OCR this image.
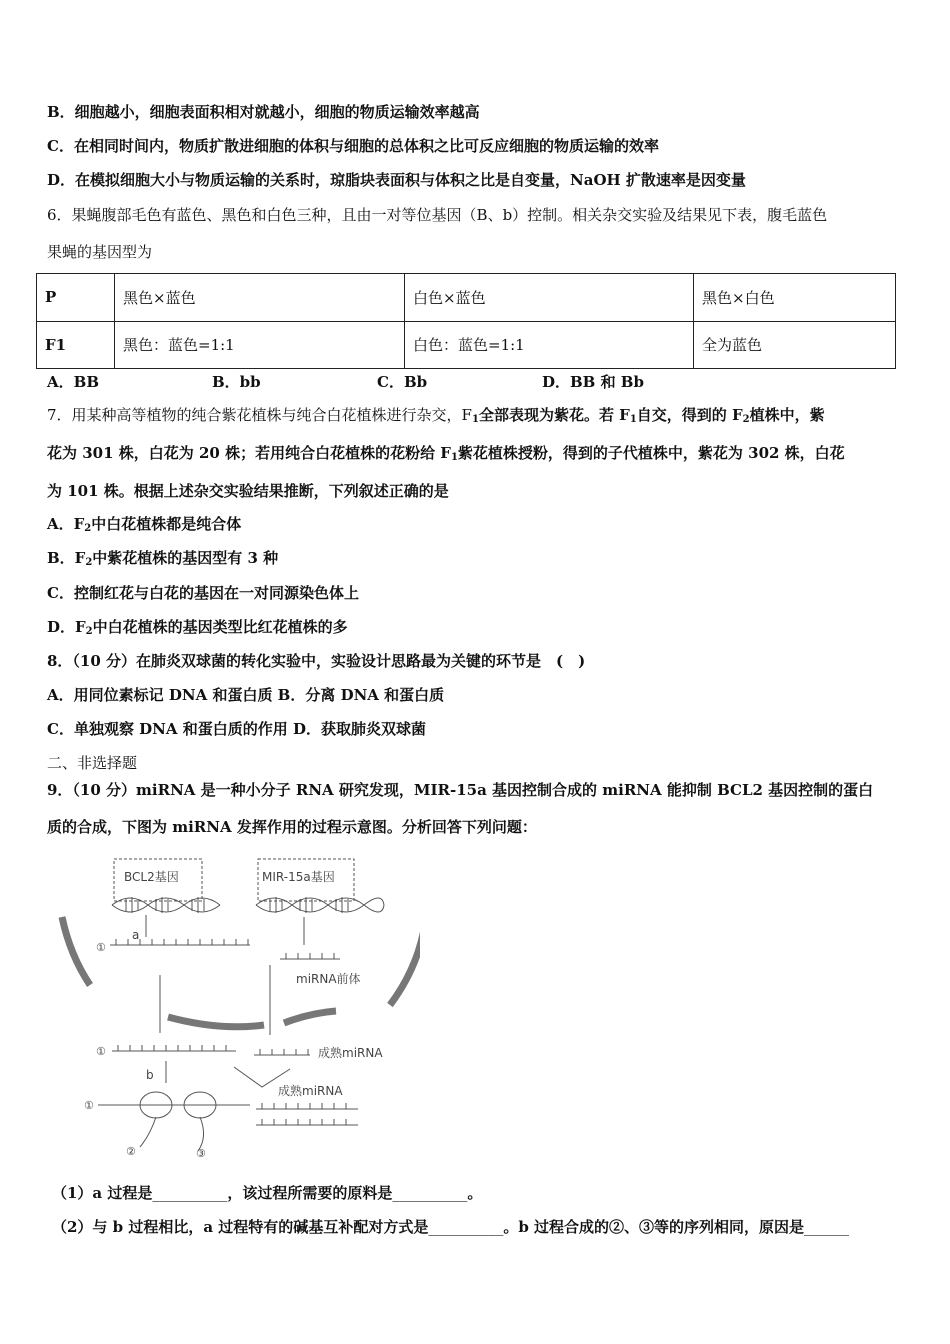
B．细胞越小，细胞表面积相对就越小，细胞的物质运输效率越高
C．在相同时间内，物质扩散进细胞的体积与细胞的总体积之比可反应细胞的物质运输的效率
D．在模拟细胞大小与物质运输的关系时，琼脂块表面积与体积之比是自变量，NaOH 扩散速率是因变量
6．果蝇腹部毛色有蓝色、黑色和白色三种，且由一对等位基因（B、b）控制。相关杂交实验及结果见下表，腹毛蓝色
果蝇的基因型为
P	黑色×蓝色	白色×蓝色	黑色×白色
F1	黑色：蓝色=1:1	白色：蓝色=1:1	全为蓝色
A．BB	B．bb	C．Bb	D．BB 和 Bb
7．用某种高等植物的纯合紫花植株与纯合白花植株进行杂交，$F_1$全部表现为紫花。若 $F_1$自交，得到的 $F_2$植株中，紫
花为 301 株，白花为 20 株；若用纯合白花植株的花粉给 $F_1$紫花植株授粉，得到的子代植株中，紫花为 302 株，白花
为 101 株。根据上述杂交实验结果推断，下列叙述正确的是
A．$F_2$中白花植株都是纯合体
B．$F_2$中紫花植株的基因型有 3 种
C．控制红花与白花的基因在一对同源染色体上
D．$F_2$中白花植株的基因类型比红花植株的多
8．（10 分）在肺炎双球菌的转化实验中，实验设计思路最为关键的环节是　(　)
A．用同位素标记 DNA 和蛋白质 B．分离 DNA 和蛋白质
C．单独观察 DNA 和蛋白质的作用 D．获取肺炎双球菌
二、非选择题
9．（10 分）miRNA 是一种小分子 RNA 研究发现，MIR-15a 基因控制合成的 miRNA 能抑制 BCL2 基因控制的蛋白
质的合成，下图为 miRNA 发挥作用的过程示意图。分析回答下列问题：
BCL2基因	MIR-15a基因
a
①
miRNA前体
①	成熟miRNA
b
成熟miRNA
①
②	③
（1）a 过程是__________，该过程所需要的原料是__________。
（2）与 b 过程相比，a 过程特有的碱基互补配对方式是__________。b 过程合成的②、③等的序列相同，原因是______
